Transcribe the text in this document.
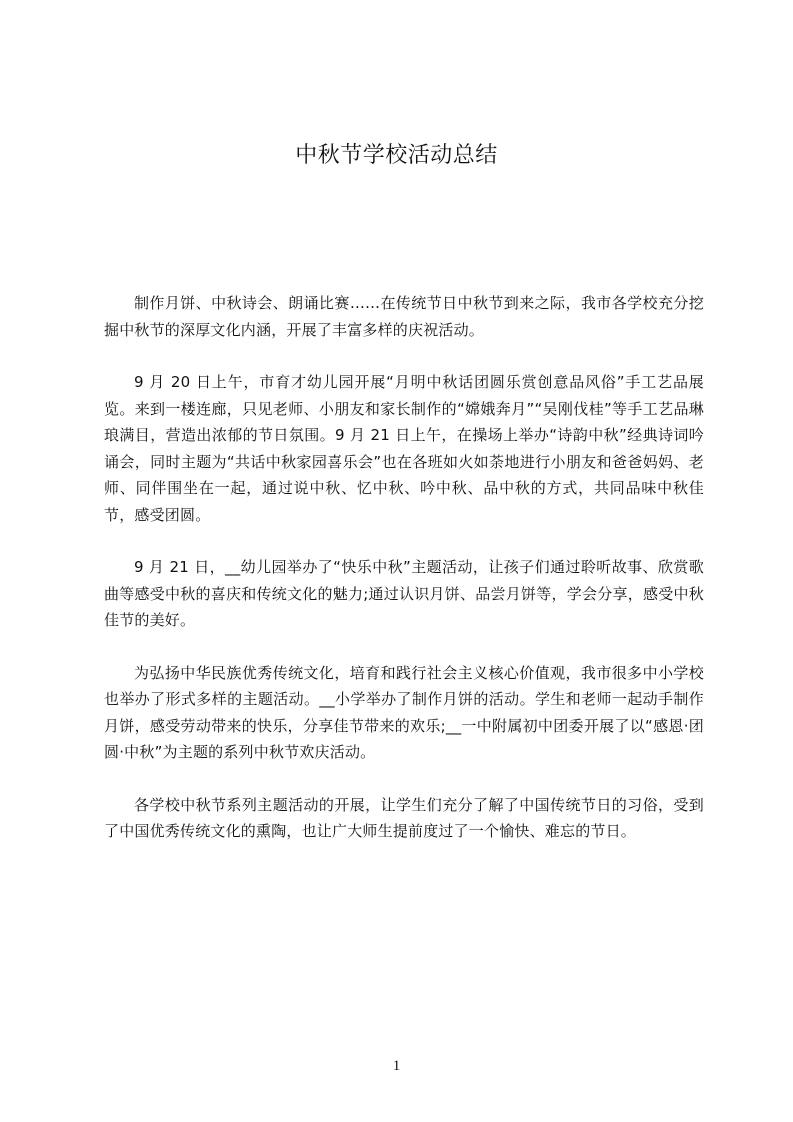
中秋节学校活动总结

制作月饼、中秋诗会、朗诵比赛……在传统节日中秋节到来之际，我市各学校充分挖掘中秋节的深厚文化内涵，开展了丰富多样的庆祝活动。

9 月 20 日上午，市育才幼儿园开展“月明中秋话团圆乐赏创意品风俗”手工艺品展览。来到一楼连廊，只见老师、小朋友和家长制作的“嫦娥奔月”“吴刚伐桂”等手工艺品琳琅满目，营造出浓郁的节日氛围。9 月 21 日上午，在操场上举办“诗韵中秋”经典诗词吟诵会，同时主题为“共话中秋家园喜乐会”也在各班如火如荼地进行小朋友和爸爸妈妈、老师、同伴围坐在一起，通过说中秋、忆中秋、吟中秋、品中秋的方式，共同品味中秋佳节，感受团圆。

9 月 21 日，__幼儿园举办了“快乐中秋”主题活动，让孩子们通过聆听故事、欣赏歌曲等感受中秋的喜庆和传统文化的魅力;通过认识月饼、品尝月饼等，学会分享，感受中秋佳节的美好。

为弘扬中华民族优秀传统文化，培育和践行社会主义核心价值观，我市很多中小学校也举办了形式多样的主题活动。__小学举办了制作月饼的活动。学生和老师一起动手制作月饼，感受劳动带来的快乐，分享佳节带来的欢乐;__一中附属初中团委开展了以“感恩·团圆·中秋”为主题的系列中秋节欢庆活动。

各学校中秋节系列主题活动的开展，让学生们充分了解了中国传统节日的习俗，受到了中国优秀传统文化的熏陶，也让广大师生提前度过了一个愉快、难忘的节日。

1
